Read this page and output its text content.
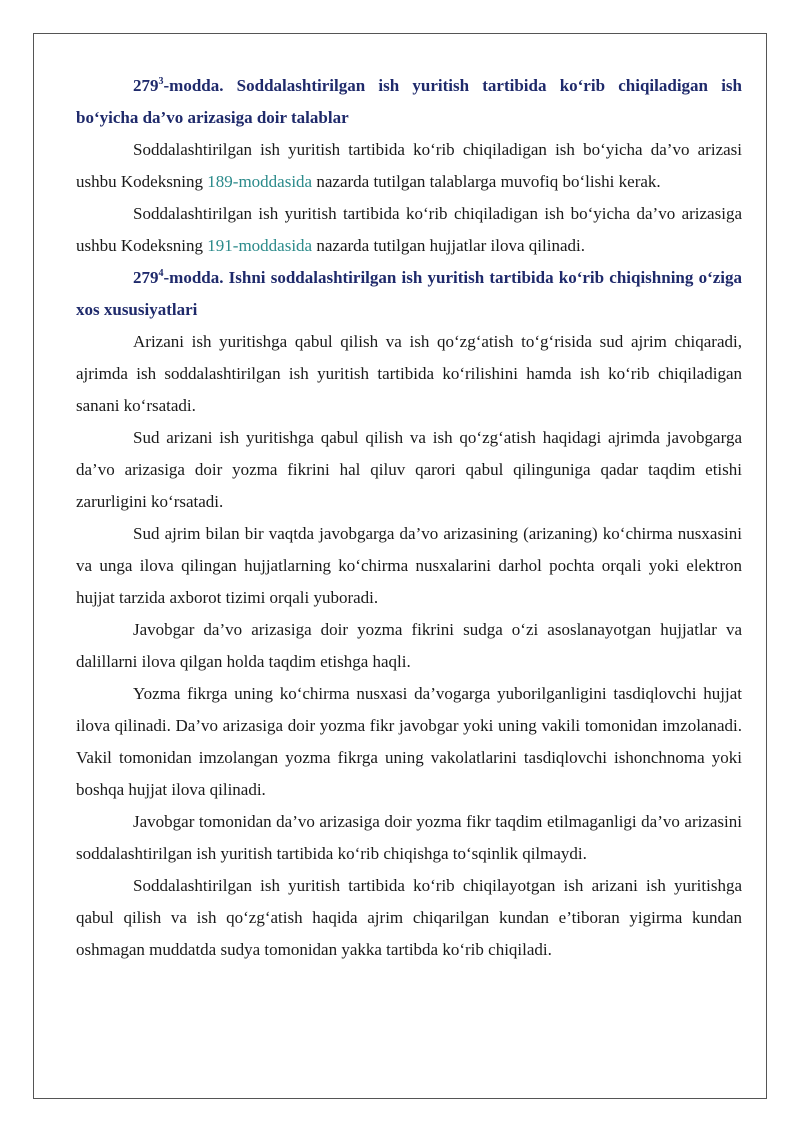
$279^3$-modda. Soddalashtirilgan ish yuritish tartibida ko‘rib chiqiladigan ish bo‘yicha da’vo arizasiga doir talablar

Soddalashtirilgan ish yuritish tartibida ko‘rib chiqiladigan ish bo‘yicha da’vo arizasi ushbu Kodeksning 189-moddasida nazarda tutilgan talablarga muvofiq bo‘lishi kerak.

Soddalashtirilgan ish yuritish tartibida ko‘rib chiqiladigan ish bo‘yicha da’vo arizasiga ushbu Kodeksning 191-moddasida nazarda tutilgan hujjatlar ilova qilinadi.

$279^4$-modda. Ishni soddalashtirilgan ish yuritish tartibida ko‘rib chiqishning o‘ziga xos xususiyatlari

Arizani ish yuritishga qabul qilish va ish qo‘zg‘atish to‘g‘risida sud ajrim chiqaradi, ajrimda ish soddalashtirilgan ish yuritish tartibida ko‘rilishini hamda ish ko‘rib chiqiladigan sanani ko‘rsatadi.

Sud arizani ish yuritishga qabul qilish va ish qo‘zg‘atish haqidagi ajrimda javobgarga da’vo arizasiga doir yozma fikrini hal qiluv qarori qabul qilinguniga qadar taqdim etishi zarurligini ko‘rsatadi.

Sud ajrim bilan bir vaqtda javobgarga da’vo arizasining (arizaning) ko‘chirma nusxasini va unga ilova qilingan hujjatlarning ko‘chirma nusxalarini darhol pochta orqali yoki elektron hujjat tarzida axborot tizimi orqali yuboradi.

Javobgar da’vo arizasiga doir yozma fikrini sudga o‘zi asoslanayotgan hujjatlar va dalillarni ilova qilgan holda taqdim etishga haqli.

Yozma fikrga uning ko‘chirma nusxasi da’vogarga yuborilganligini tasdiqlovchi hujjat ilova qilinadi. Da’vo arizasiga doir yozma fikr javobgar yoki uning vakili tomonidan imzolanadi. Vakil tomonidan imzolangan yozma fikrga uning vakolatlarini tasdiqlovchi ishonchnoma yoki boshqa hujjat ilova qilinadi.

Javobgar tomonidan da’vo arizasiga doir yozma fikr taqdim etilmaganligi da’vo arizasini soddalashtirilgan ish yuritish tartibida ko‘rib chiqishga to‘sqinlik qilmaydi.

Soddalashtirilgan ish yuritish tartibida ko‘rib chiqilayotgan ish arizani ish yuritishga qabul qilish va ish qo‘zg‘atish haqida ajrim chiqarilgan kundan e’tiboran yigirma kundan oshmagan muddatda sudya tomonidan yakka tartibda ko‘rib chiqiladi.
